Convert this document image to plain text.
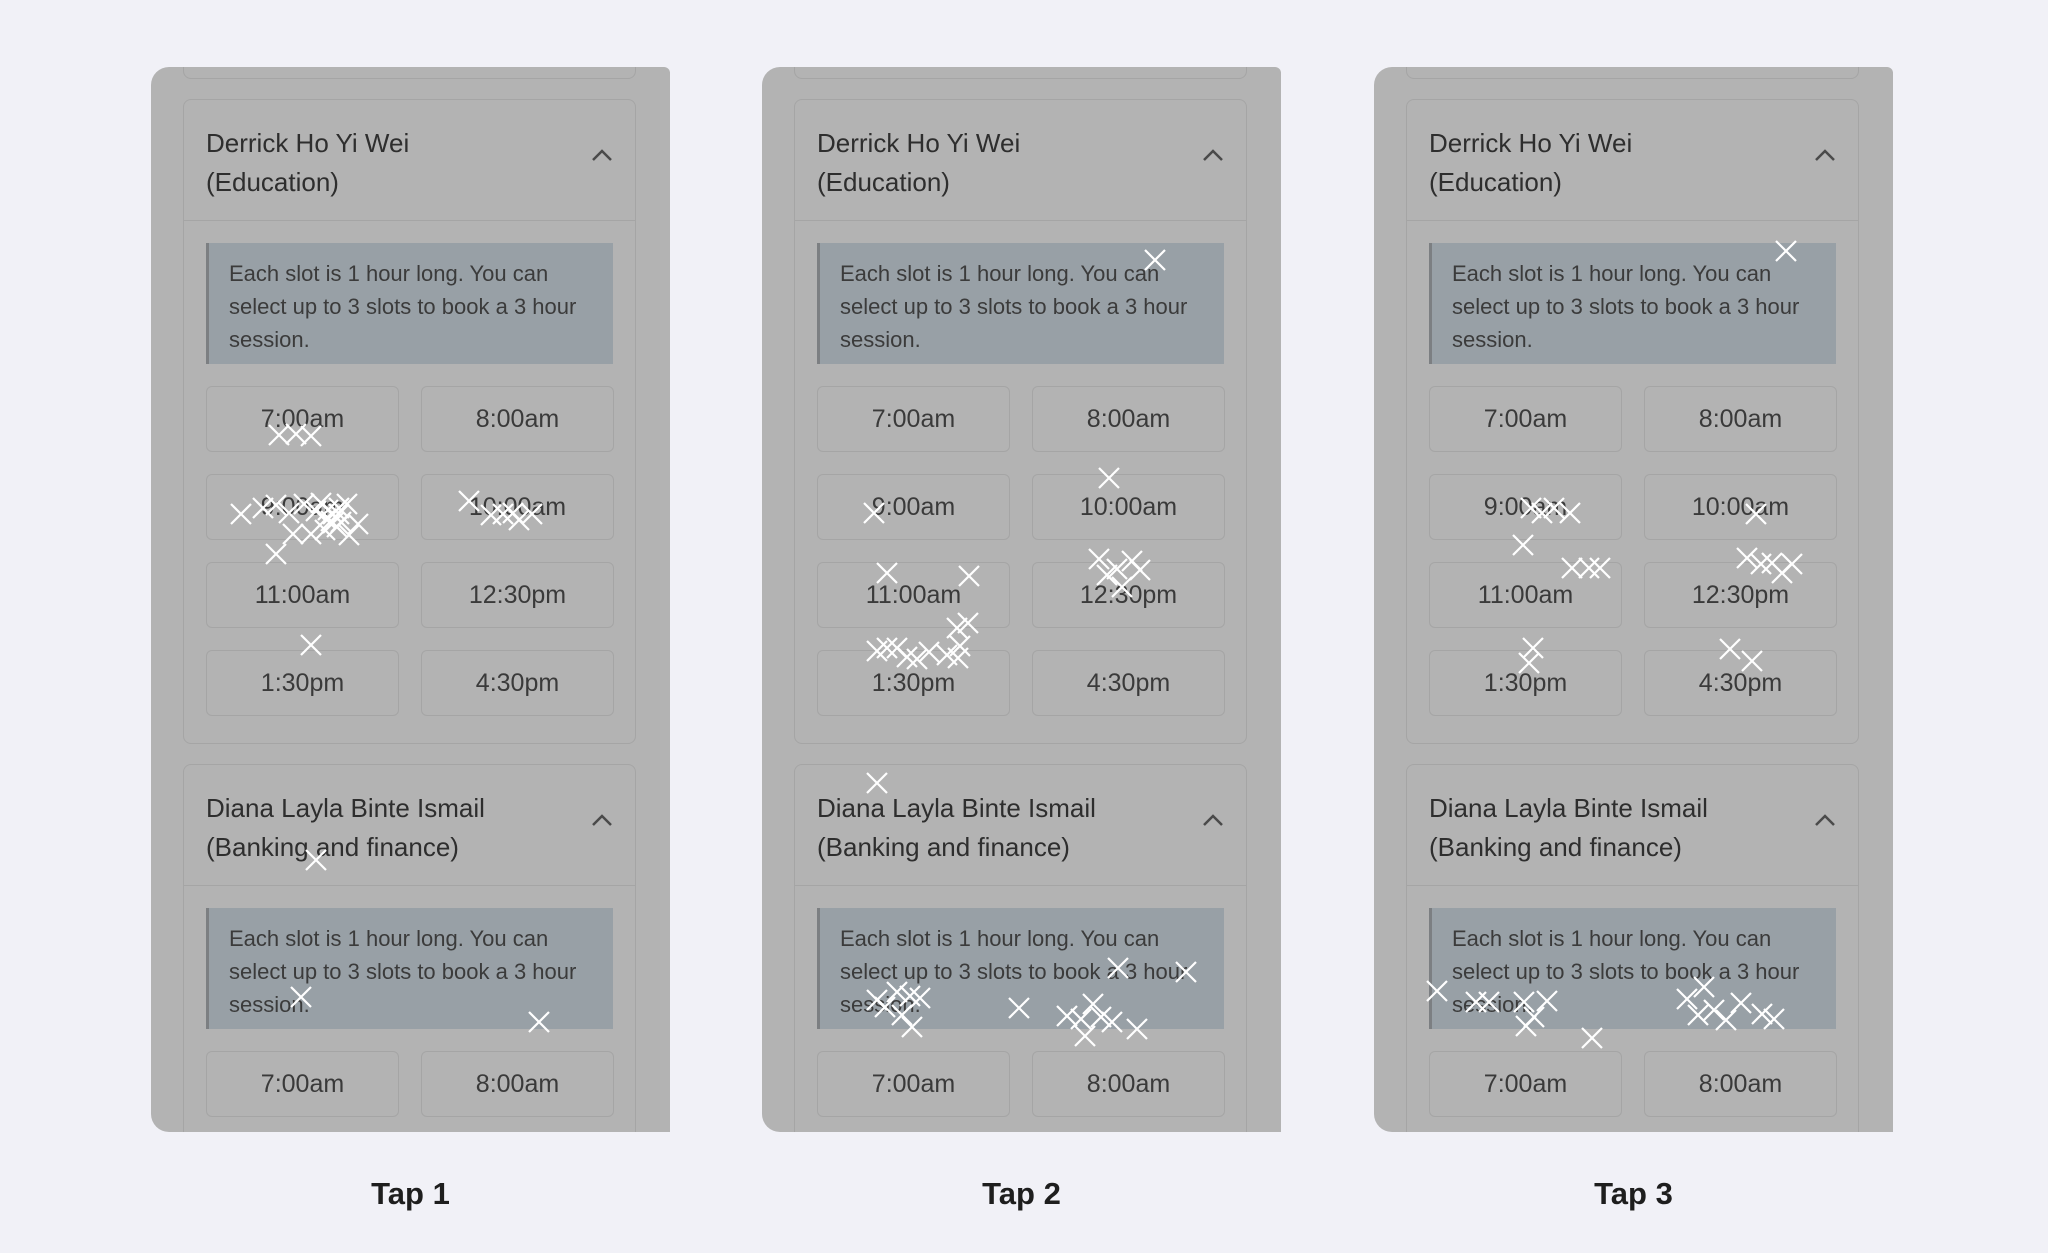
Derrick Ho Yi Wei
(Education)
Each slot is 1 hour long. You can select up to 3 slots to book a 3 hour session.
7:00am	8:00am
9:00am	10:00am
11:00am	12:30pm
1:30pm	4:30pm
Diana Layla Binte Ismail
(Banking and finance)
Each slot is 1 hour long. You can select up to 3 slots to book a 3 hour session.
7:00am	8:00am
Tap 1
Derrick Ho Yi Wei
(Education)
Each slot is 1 hour long. You can select up to 3 slots to book a 3 hour session.
7:00am	8:00am
9:00am	10:00am
11:00am	12:30pm
1:30pm	4:30pm
Diana Layla Binte Ismail
(Banking and finance)
Each slot is 1 hour long. You can select up to 3 slots to book a 3 hour session.
7:00am	8:00am
Tap 2
Derrick Ho Yi Wei
(Education)
Each slot is 1 hour long. You can select up to 3 slots to book a 3 hour session.
7:00am	8:00am
9:00am	10:00am
11:00am	12:30pm
1:30pm	4:30pm
Diana Layla Binte Ismail
(Banking and finance)
Each slot is 1 hour long. You can select up to 3 slots to book a 3 hour session.
7:00am	8:00am
Tap 3
